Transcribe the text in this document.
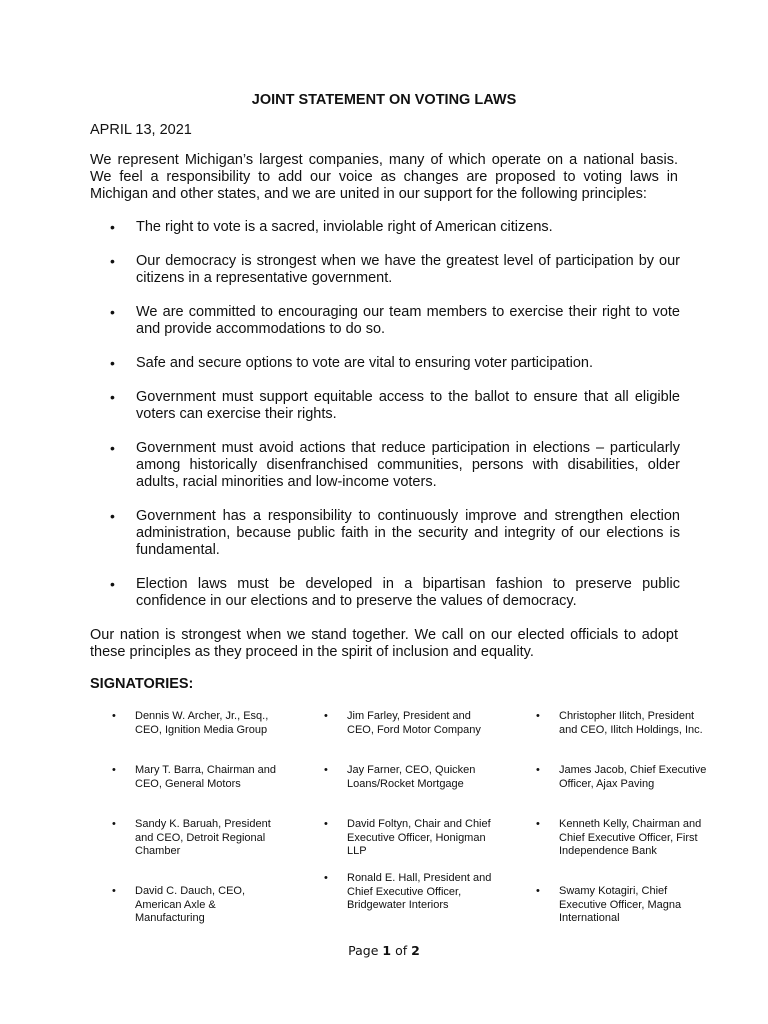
JOINT STATEMENT ON VOTING LAWS
APRIL 13, 2021
We represent Michigan’s largest companies, many of which operate on a national basis. We feel a responsibility to add our voice as changes are proposed to voting laws in Michigan and other states, and we are united in our support for the following principles:
• The right to vote is a sacred, inviolable right of American citizens.
• Our democracy is strongest when we have the greatest level of participation by our citizens in a representative government.
• We are committed to encouraging our team members to exercise their right to vote and provide accommodations to do so.
• Safe and secure options to vote are vital to ensuring voter participation.
• Government must support equitable access to the ballot to ensure that all eligible voters can exercise their rights.
• Government must avoid actions that reduce participation in elections – particularly among historically disenfranchised communities, persons with disabilities, older adults, racial minorities and low-income voters.
• Government has a responsibility to continuously improve and strengthen election administration, because public faith in the security and integrity of our elections is fundamental.
• Election laws must be developed in a bipartisan fashion to preserve public confidence in our elections and to preserve the values of democracy.
Our nation is strongest when we stand together. We call on our elected officials to adopt these principles as they proceed in the spirit of inclusion and equality.
SIGNATORIES:
• Dennis W. Archer, Jr., Esq., CEO, Ignition Media Group
• Mary T. Barra, Chairman and CEO, General Motors
• Sandy K. Baruah, President and CEO, Detroit Regional Chamber
• David C. Dauch, CEO, American Axle & Manufacturing
• Jim Farley, President and CEO, Ford Motor Company
• Jay Farner, CEO, Quicken Loans/Rocket Mortgage
• David Foltyn, Chair and Chief Executive Officer, Honigman LLP
• Ronald E. Hall, President and Chief Executive Officer, Bridgewater Interiors
• Christopher Ilitch, President and CEO, Ilitch Holdings, Inc.
• James Jacob, Chief Executive Officer, Ajax Paving
• Kenneth Kelly, Chairman and Chief Executive Officer, First Independence Bank
• Swamy Kotagiri, Chief Executive Officer, Magna International
Page 1 of 2
